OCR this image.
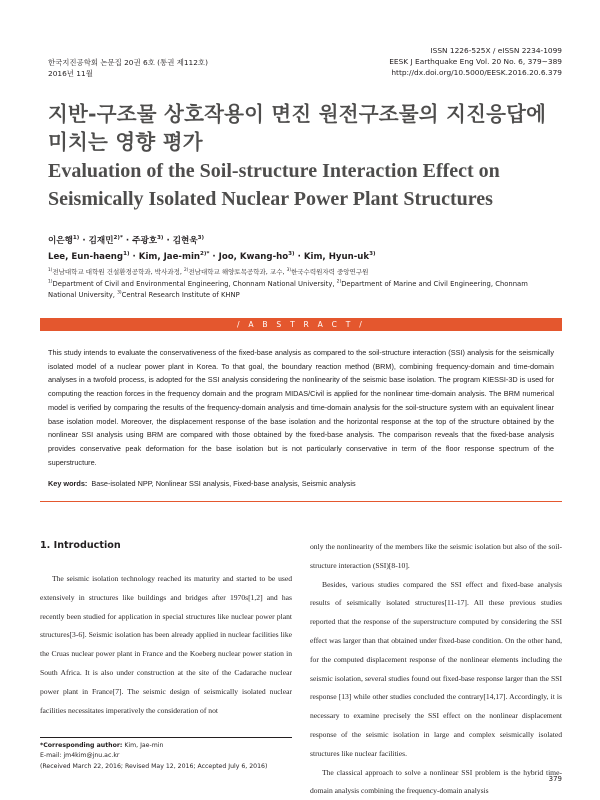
한국지진공학회 논문집 20권 6호 (통권 제112호)
2016년 11월
ISSN 1226-525X / eISSN 2234-1099
EESK J Earthquake Eng Vol. 20 No. 6, 379~389
http://dx.doi.org/10.5000/EESK.2016.20.6.379
지반-구조물 상호작용이 면진 원전구조물의 지진응답에 미치는 영향 평가
Evaluation of the Soil-structure Interaction Effect on Seismically Isolated Nuclear Power Plant Structures
이은행$^{1)}$ · 김재민$^{2)*}$ · 주광호$^{3)}$ · 김현욱$^{3)}$
Lee, Eun-haeng$^{1)}$ · Kim, Jae-$\min^{2)*}$ · Joo, Kwang-$ho^{3)}$ · Kim, Hyun-$uk^{3)}$
$^{1)}$전남대학교 대학원 건설환경공학과, 박사과정, $^{2)}$전남대학교 해양토목공학과, 교수, $^{3)}$한국수력원자력 중앙연구원
$^{1)}$Department of Civil and Environmental Engineering, Chonnam National University, $^{2)}$Department of Marine and Civil Engineering, Chonnam National University, $^{3)}$Central Research Institute of KHNP
/ A B S T R A C T /

This study intends to evaluate the conservativeness of the fixed-base analysis as compared to the soil-structure interaction (SSI) analysis for the seismically isolated model of a nuclear power plant in Korea. To that goal, the boundary reaction method (BRM), combining frequency-domain and time-domain analyses in a twofold process, is adopted for the SSI analysis considering the nonlinearity of the seismic base isolation. The program KIESSI-3D is used for computing the reaction forces in the frequency domain and the program MIDAS/Civil is applied for the nonlinear time-domain analysis. The BRM numerical model is verified by comparing the results of the frequency-domain analysis and time-domain analysis for the soil-structure system with an equivalent linear base isolation model. Moreover, the displacement response of the base isolation and the horizontal response at the top of the structure obtained by the nonlinear SSI analysis using BRM are compared with those obtained by the fixed-base analysis. The comparison reveals that the fixed-base analysis provides conservative peak deformation for the base isolation but is not particularly conservative in term of the floor response spectrum of the superstructure.

Key words: Base-isolated NPP, Nonlinear SSI analysis, Fixed-base analysis, Seismic analysis
1. Introduction

The seismic isolation technology reached its maturity and started to be used extensively in structures like buildings and bridges after 1970s[1,2] and has recently been studied for application in special structures like nuclear power plant structures[3-6]. Seismic isolation has been already applied in nuclear facilities like the Cruas nuclear power plant in France and the Koeberg nuclear power station in South Africa. It is also under construction at the site of the Cadarache nuclear power plant in France[7]. The seismic design of seismically isolated nuclear facilities necessitates imperatively the consideration of not

only the nonlinearity of the members like the seismic isolation but also of the soil-structure interaction (SSI)[8-10].

Besides, various studies compared the SSI effect and fixed-base analysis results of seismically isolated structures[11-17]. All these previous studies reported that the response of the superstructure computed by considering the SSI effect was larger than that obtained under fixed-base condition. On the other hand, for the computed displacement response of the nonlinear elements including the seismic isolation, several studies found out fixed-base response larger than the SSI response [13] while other studies concluded the contrary[14,17]. Accordingly, it is necessary to examine precisely the SSI effect on the nonlinear displacement response of the seismic isolation in large and complex seismically isolated structures like nuclear facilities.

The classical approach to solve a nonlinear SSI problem is the hybrid time-domain analysis combining the frequency-domain analysis

*Corresponding author: Kim, Jae-min
E-mail: jm4kim@jnu.ac.kr
(Received March 22, 2016; Revised May 12, 2016; Accepted July 6, 2016)
379
